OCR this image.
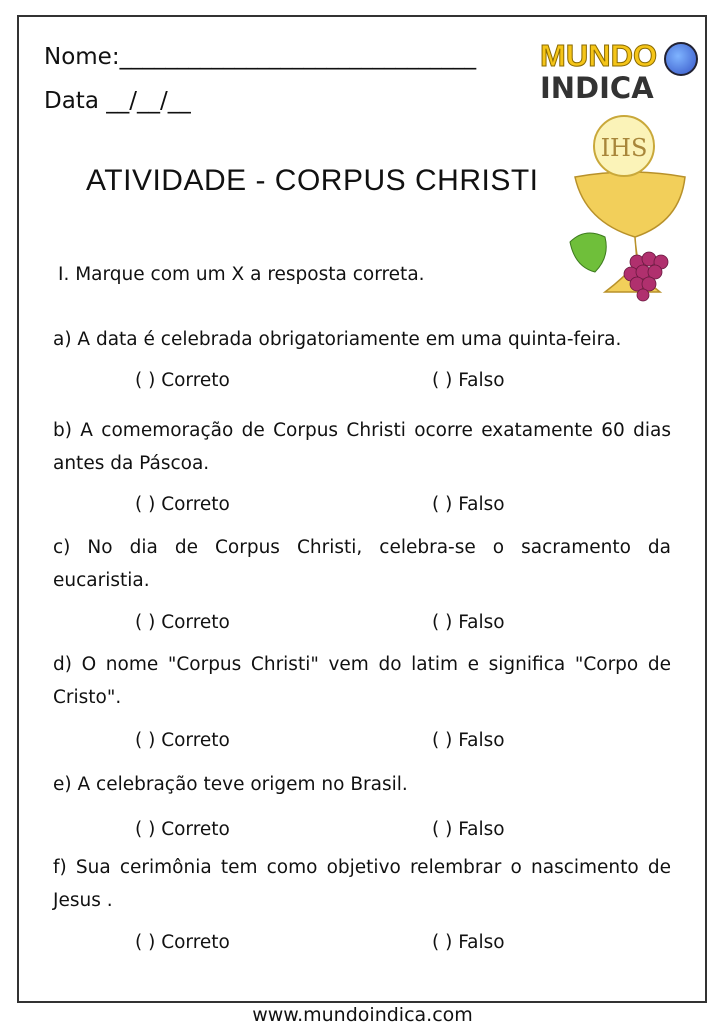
Nome:_______________________________
Data __/__/__
MUNDO
INDICA
IHS
ATIVIDADE - CORPUS CHRISTI
I. Marque com um X a resposta correta.
a) A data é celebrada obrigatoriamente em uma quinta-feira.
( ) Correto	( ) Falso
b) A comemoração de Corpus Christi ocorre exatamente 60 dias antes da Páscoa.
( ) Correto	( ) Falso
c) No dia de Corpus Christi, celebra-se o sacramento da eucaristia.
( ) Correto	( ) Falso
d) O nome "Corpus Christi" vem do latim e significa "Corpo de Cristo".
( ) Correto	( ) Falso
e) A celebração teve origem no Brasil.
( ) Correto	( ) Falso
f) Sua cerimônia tem como objetivo relembrar o nascimento de Jesus .
( ) Correto	( ) Falso
www.mundoindica.com
